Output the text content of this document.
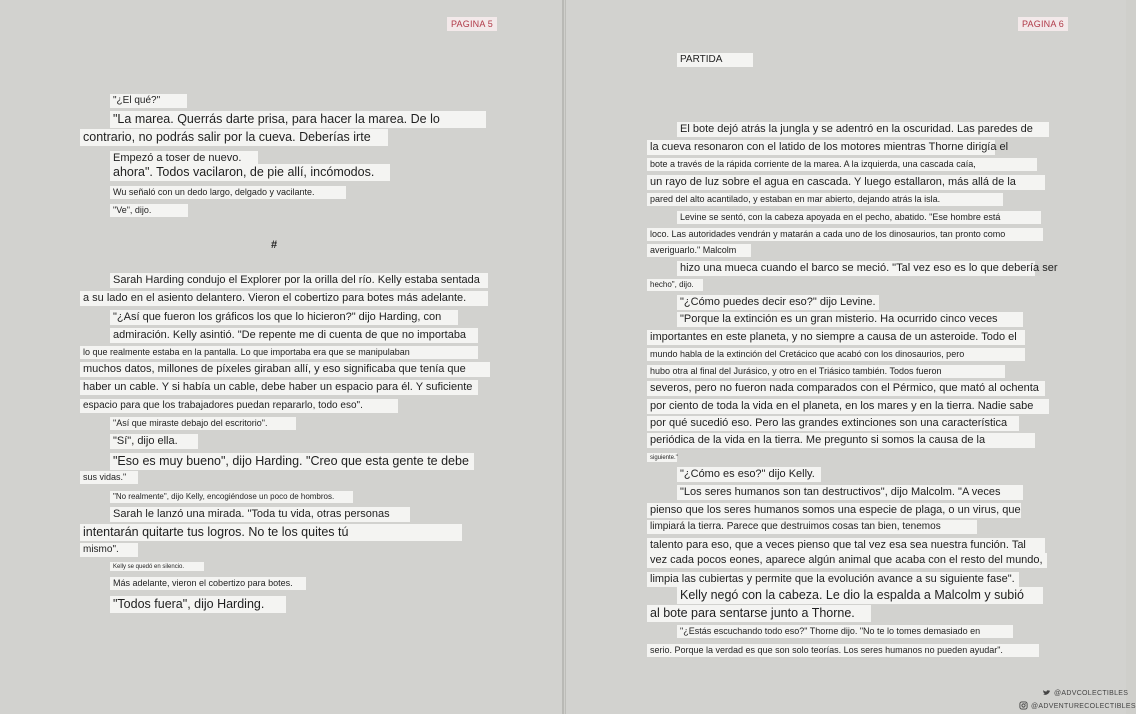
PAGINA 5
"¿El qué?"
"La marea. Querrás darte prisa, para hacer la marea. De lo
contrario, no podrás salir por la cueva. Deberías irte
Empezó a toser de nuevo.
ahora". Todos vacilaron, de pie allí, incómodos.
Wu señaló con un dedo largo, delgado y vacilante.
"Ve", dijo.
#
Sarah Harding condujo el Explorer por la orilla del río. Kelly estaba sentada
a su lado en el asiento delantero. Vieron el cobertizo para botes más adelante.
"¿Así que fueron los gráficos los que lo hicieron?" dijo Harding, con
admiración. Kelly asintió. "De repente me di cuenta de que no importaba
lo que realmente estaba en la pantalla. Lo que importaba era que se manipulaban
muchos datos, millones de píxeles giraban allí, y eso significaba que tenía que
haber un cable. Y si había un cable, debe haber un espacio para él. Y suficiente
espacio para que los trabajadores puedan repararlo, todo eso".
"Así que miraste debajo del escritorio".
"Sí", dijo ella.
"Eso es muy bueno", dijo Harding. "Creo que esta gente te debe
sus vidas."
"No realmente", dijo Kelly, encogiéndose un poco de hombros.
Sarah le lanzó una mirada. "Toda tu vida, otras personas
intentarán quitarte tus logros. No te los quites tú
mismo".
Kelly se quedó en silencio.
Más adelante, vieron el cobertizo para botes.
"Todos fuera", dijo Harding.
PAGINA 6
PARTIDA
El bote dejó atrás la jungla y se adentró en la oscuridad. Las paredes de
la cueva resonaron con el latido de los motores mientras Thorne dirigía el
bote a través de la rápida corriente de la marea. A la izquierda, una cascada caía,
un rayo de luz sobre el agua en cascada. Y luego estallaron, más allá de la
pared del alto acantilado, y estaban en mar abierto, dejando atrás la isla.
Levine se sentó, con la cabeza apoyada en el pecho, abatido. "Ese hombre está
loco. Las autoridades vendrán y matarán a cada uno de los dinosaurios, tan pronto como
averiguarlo." Malcolm
hizo una mueca cuando el barco se meció. "Tal vez eso es lo que debería ser
hecho", dijo.
"¿Cómo puedes decir eso?" dijo Levine.
"Porque la extinción es un gran misterio. Ha ocurrido cinco veces
importantes en este planeta, y no siempre a causa de un asteroide. Todo el
mundo habla de la extinción del Cretácico que acabó con los dinosaurios, pero
hubo otra al final del Jurásico, y otro en el Triásico también. Todos fueron
severos, pero no fueron nada comparados con el Pérmico, que mató al ochenta
por ciento de toda la vida en el planeta, en los mares y en la tierra. Nadie sabe
por qué sucedió eso. Pero las grandes extinciones son una característica
periódica de la vida en la tierra. Me pregunto si somos la causa de la
siguiente."
"¿Cómo es eso?" dijo Kelly.
"Los seres humanos son tan destructivos", dijo Malcolm. "A veces
pienso que los seres humanos somos una especie de plaga, o un virus, que
limpiará la tierra. Parece que destruimos cosas tan bien, tenemos
talento para eso, que a veces pienso que tal vez esa sea nuestra función. Tal
vez cada pocos eones, aparece algún animal que acaba con el resto del mundo,
limpia las cubiertas y permite que la evolución avance a su siguiente fase".
Kelly negó con la cabeza. Le dio la espalda a Malcolm y subió
al bote para sentarse junto a Thorne.
"¿Estás escuchando todo eso?" Thorne dijo. "No te lo tomes demasiado en
serio. Porque la verdad es que son solo teorías. Los seres humanos no pueden ayudar".
@ADVCOLECTIBLES
@ADVENTURECOLECTIBLES
